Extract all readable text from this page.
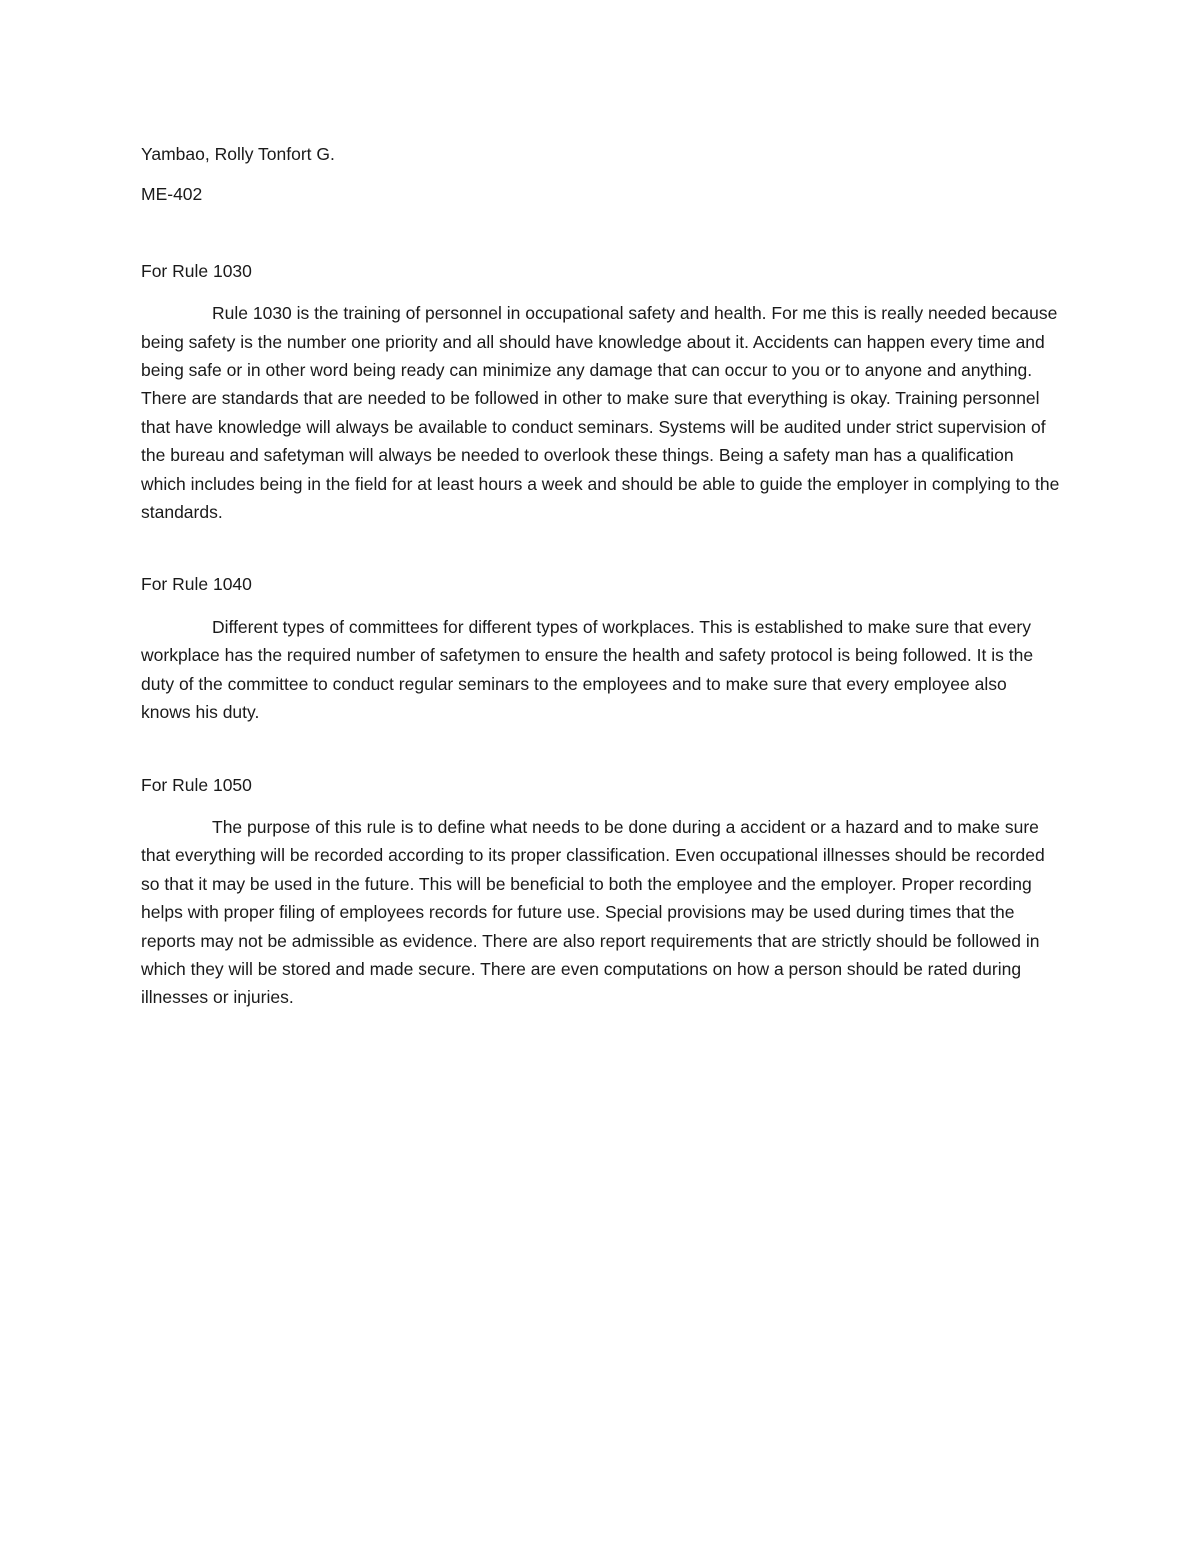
Yambao, Rolly Tonfort G.

ME-402

For Rule 1030

Rule 1030 is the training of personnel in occupational safety and health. For me this is really needed because being safety is the number one priority and all should have knowledge about it. Accidents can happen every time and being safe or in other word being ready can minimize any damage that can occur to you or to anyone and anything. There are standards that are needed to be followed in other to make sure that everything is okay. Training personnel that have knowledge will always be available to conduct seminars. Systems will be audited under strict supervision of the bureau and safetyman will always be needed to overlook these things. Being a safety man has a qualification which includes being in the field for at least hours a week and should be able to guide the employer in complying to the standards.

For Rule 1040

Different types of committees for different types of workplaces. This is established to make sure that every workplace has the required number of safetymen to ensure the health and safety protocol is being followed. It is the duty of the committee to conduct regular seminars to the employees and to make sure that every employee also knows his duty.

For Rule 1050

The purpose of this rule is to define what needs to be done during a accident or a hazard and to make sure that everything will be recorded according to its proper classification. Even occupational illnesses should be recorded so that it may be used in the future. This will be beneficial to both the employee and the employer. Proper recording helps with proper filing of employees records for future use. Special provisions may be used during times that the reports may not be admissible as evidence. There are also report requirements that are strictly should be followed in which they will be stored and made secure. There are even computations on how a person should be rated during illnesses or injuries.
